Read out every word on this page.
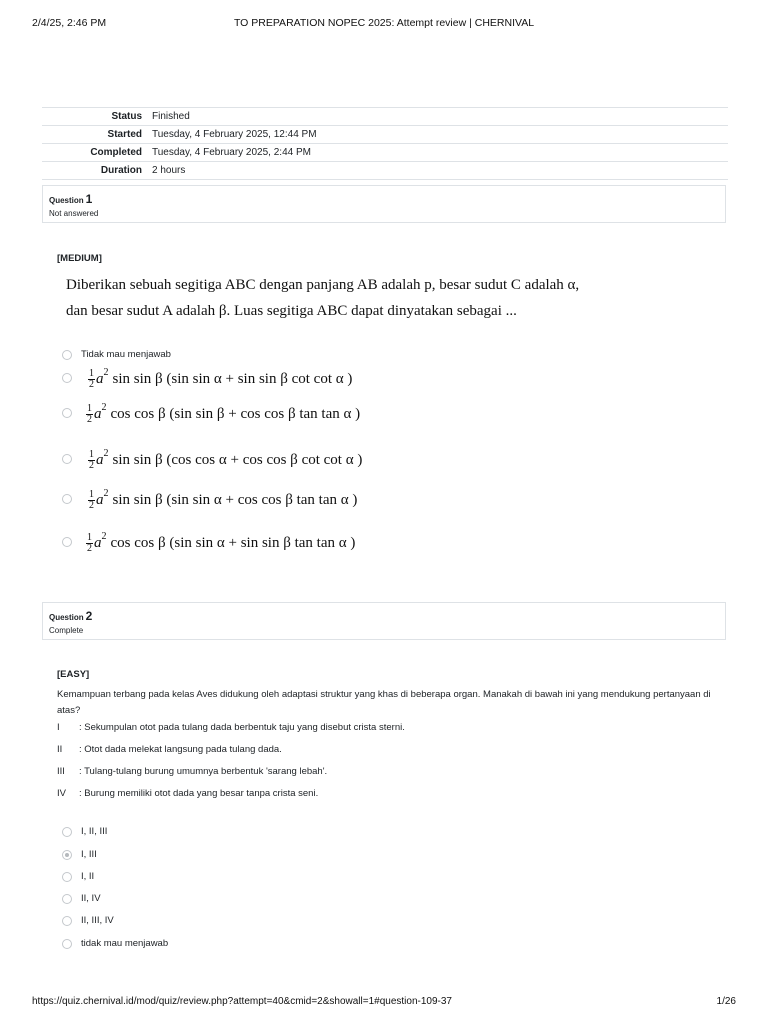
2/4/25, 2:46 PM	TO PREPARATION NOPEC 2025: Attempt review | CHERNIVAL
Status	Finished
Started	Tuesday, 4 February 2025, 12:44 PM
Completed	Tuesday, 4 February 2025, 2:44 PM
Duration	2 hours
Question 1
Not answered
[MEDIUM]
Diberikan sebuah segitiga ABC dengan panjang AB adalah p, besar sudut C adalah α,
dan besar sudut A adalah β. Luas segitiga ABC dapat dinyatakan sebagai ...
Tidak mau menjawab
$\frac{1}{2}$ a 2 sin sin β (sin sin α + sin sin β cot cot α )
$\frac{1}{2}$ a 2 cos cos β (sin sin β + cos cos β tan tan α )
$\frac{1}{2}$ a 2 sin sin β (cos cos α + cos cos β cot cot α )
$\frac{1}{2}$ a 2 sin sin β (sin sin α + cos cos β tan tan α )
$\frac{1}{2}$ a 2 cos cos β (sin sin α + sin sin β tan tan α )
Question 2
Complete
[EASY]
Kemampuan terbang pada kelas Aves didukung oleh adaptasi struktur yang khas di beberapa organ. Manakah di bawah ini yang mendukung pertanyaan di atas?
I : Sekumpulan otot pada tulang dada berbentuk taju yang disebut crista sterni.
II : Otot dada melekat langsung pada tulang dada.
III : Tulang-tulang burung umumnya berbentuk 'sarang lebah'.
IV : Burung memiliki otot dada yang besar tanpa crista seni.
I, II, III
I, III
I, II
II, IV
II, III, IV
tidak mau menjawab
https://quiz.chernival.id/mod/quiz/review.php?attempt=40&cmid=2&showall=1#question-109-37	1/26
